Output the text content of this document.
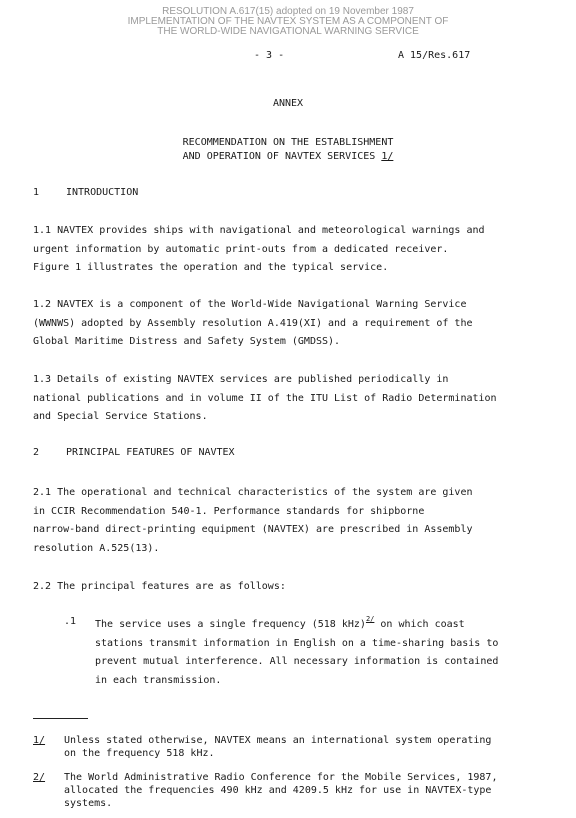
RESOLUTION A.617(15) adopted on 19 November 1987
IMPLEMENTATION OF THE NAVTEX SYSTEM AS A COMPONENT OF
THE WORLD-WIDE NAVIGATIONAL WARNING SERVICE
- 3 -	A 15/Res.617
ANNEX
RECOMMENDATION ON THE ESTABLISHMENT
AND OPERATION OF NAVTEX SERVICES 1/
1	INTRODUCTION
1.1 NAVTEX provides ships with navigational and meteorological warnings and
urgent information by automatic print-outs from a dedicated receiver.
Figure 1 illustrates the operation and the typical service.
1.2 NAVTEX is a component of the World-Wide Navigational Warning Service
(WWNWS) adopted by Assembly resolution A.419(XI) and a requirement of the
Global Maritime Distress and Safety System (GMDSS).
1.3 Details of existing NAVTEX services are published periodically in
national publications and in volume II of the ITU List of Radio Determination
and Special Service Stations.
2	PRINCIPAL FEATURES OF NAVTEX
2.1 The operational and technical characteristics of the system are given
in CCIR Recommendation 540-1. Performance standards for shipborne
narrow-band direct-printing equipment (NAVTEX) are prescribed in Assembly
resolution A.525(13).
2.2 The principal features are as follows:
.1 The service uses a single frequency (518 kHz)$^{2/}$ on which coast
stations transmit information in English on a time-sharing basis to
prevent mutual interference. All necessary information is contained
in each transmission.
1/ Unless stated otherwise, NAVTEX means an international system operating
on the frequency 518 kHz.
2/ The World Administrative Radio Conference for the Mobile Services, 1987,
allocated the frequencies 490 kHz and 4209.5 kHz for use in NAVTEX-type
systems.
